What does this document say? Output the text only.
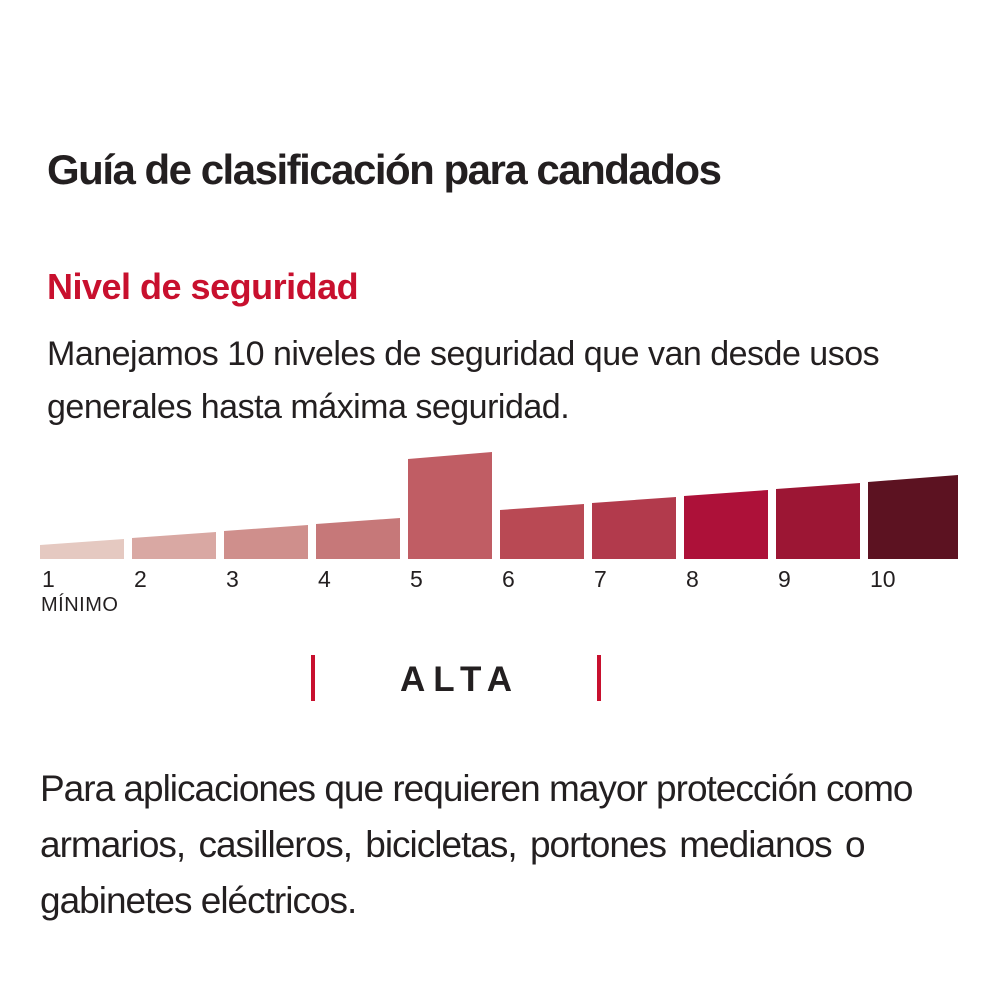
Guía de clasificación para candados
Nivel de seguridad

Manejamos 10 niveles de seguridad que van desde usos
generales hasta máxima seguridad.

1	2	3	4	5	6	7	8	9	10
MÍNIMO
ALTA

Para aplicaciones que requieren mayor protección como
armarios, casilleros, bicicletas, portones medianos o
gabinetes eléctricos.
